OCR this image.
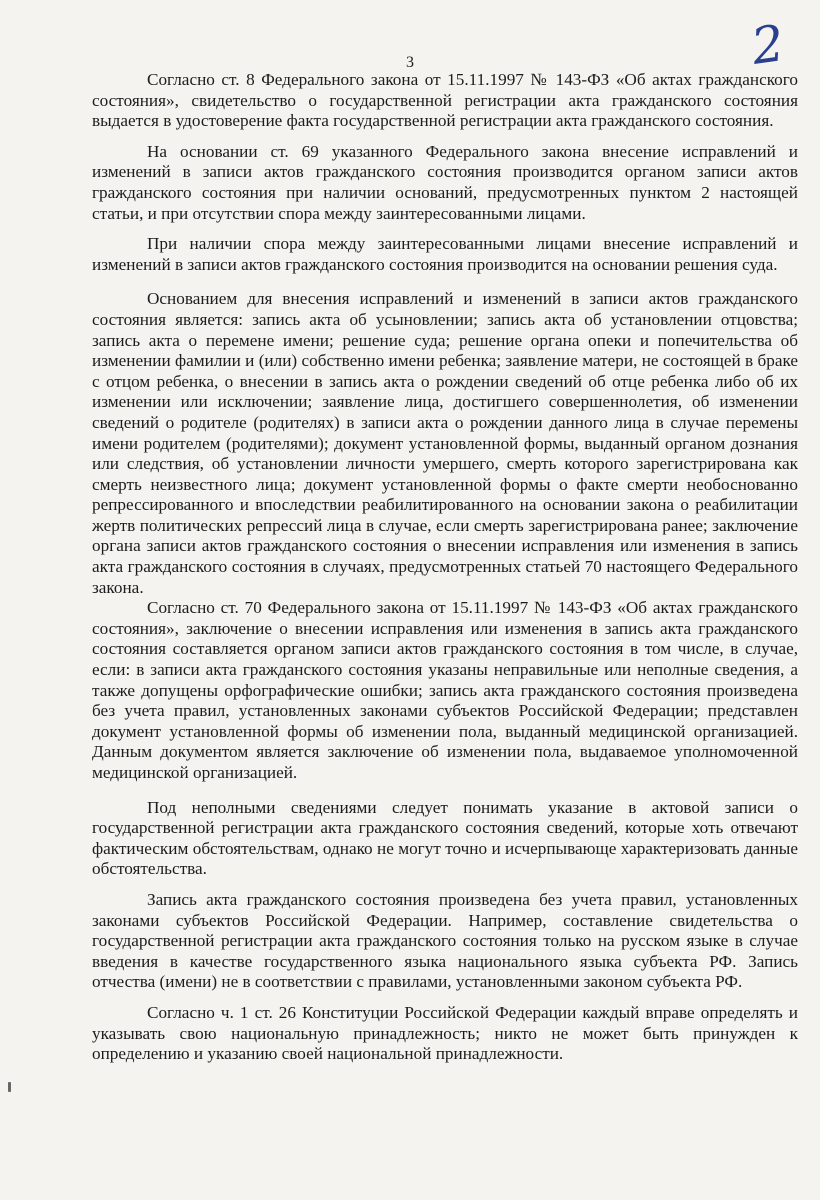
3	2

Согласно ст. 8 Федерального закона от 15.11.1997 № 143-ФЗ «Об актах гражданского состояния», свидетельство о государственной регистрации акта гражданского состояния выдается в удостоверение факта государственной регистрации акта гражданского состояния.

На основании ст. 69 указанного Федерального закона внесение исправлений и изменений в записи актов гражданского состояния производится органом записи актов гражданского состояния при наличии оснований, предусмотренных пунктом 2 настоящей статьи, и при отсутствии спора между заинтересованными лицами.

При наличии спора между заинтересованными лицами внесение исправлений и изменений в записи актов гражданского состояния производится на основании решения суда.

Основанием для внесения исправлений и изменений в записи актов гражданского состояния является: запись акта об усыновлении; запись акта об установлении отцовства; запись акта о перемене имени; решение суда; решение органа опеки и попечительства об изменении фамилии и (или) собственно имени ребенка; заявление матери, не состоящей в браке с отцом ребенка, о внесении в запись акта о рождении сведений об отце ребенка либо об их изменении или исключении; заявление лица, достигшего совершеннолетия, об изменении сведений о родителе (родителях) в записи акта о рождении данного лица в случае перемены имени родителем (родителями); документ установленной формы, выданный органом дознания или следствия, об установлении личности умершего, смерть которого зарегистрирована как смерть неизвестного лица; документ установленной формы о факте смерти необоснованно репрессированного и впоследствии реабилитированного на основании закона о реабилитации жертв политических репрессий лица в случае, если смерть зарегистрирована ранее; заключение органа записи актов гражданского состояния о внесении исправления или изменения в запись акта гражданского состояния в случаях, предусмотренных статьей 70 настоящего Федерального закона.

Согласно ст. 70 Федерального закона от 15.11.1997 № 143-ФЗ «Об актах гражданского состояния», заключение о внесении исправления или изменения в запись акта гражданского состояния составляется органом записи актов гражданского состояния в том числе, в случае, если: в записи акта гражданского состояния указаны неправильные или неполные сведения, а также допущены орфографические ошибки; запись акта гражданского состояния произведена без учета правил, установленных законами субъектов Российской Федерации; представлен документ установленной формы об изменении пола, выданный медицинской организацией. Данным документом является заключение об изменении пола, выдаваемое уполномоченной медицинской организацией.

Под неполными сведениями следует понимать указание в актовой записи о государственной регистрации акта гражданского состояния сведений, которые хоть отвечают фактическим обстоятельствам, однако не могут точно и исчерпывающе характеризовать данные обстоятельства.

Запись акта гражданского состояния произведена без учета правил, установленных законами субъектов Российской Федерации. Например, составление свидетельства о государственной регистрации акта гражданского состояния только на русском языке в случае введения в качестве государственного языка национального языка субъекта РФ. Запись отчества (имени) не в соответствии с правилами, установленными законом субъекта РФ.

Согласно ч. 1 ст. 26 Конституции Российской Федерации каждый вправе определять и указывать свою национальную принадлежность; никто не может быть принужден к определению и указанию своей национальной принадлежности.
